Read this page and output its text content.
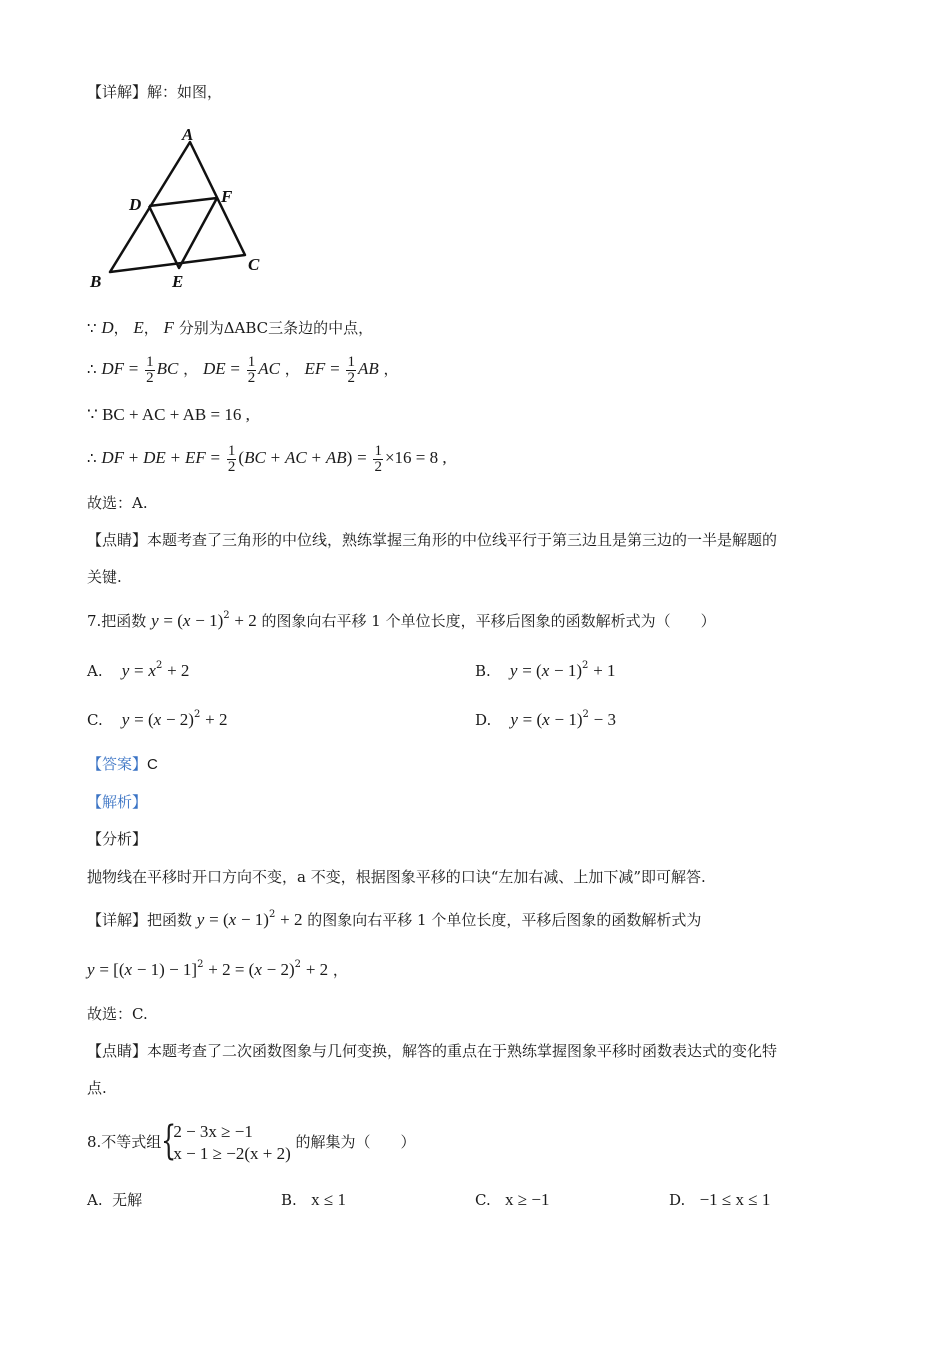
【详解】解：如图，
A
D	F
B	E
C
∵ D， E， F 分别为ΔABC三条边的中点，
∴ DF = $\frac{1}{2}$ BC ， DE = $\frac{1}{2}$ AC ， EF = $\frac{1}{2}$ AB ，
∵ BC + AC + AB = 16 ,
∴ DF + DE + EF = $\frac{1}{2} (BC$ + AC + $AB) = \frac{1}{2} \times 16 = 8$ ,
故选：A.
【点睛】本题考查了三角形的中位线，熟练掌握三角形的中位线平行于第三边且是第三边的一半是解题的
关键.
7.把函数 $y = (x - 1)^2 + 2$ 的图象向右平移 1 个单位长度，平移后图象的函数解析式为（　　）
A. $y = x^2 + 2$	B. $y = (x - 1)^2 + 1$
C. $y = (x - 2)^2 + 2$	D. $y = (x - 1)^2 - 3$
【答案】C
【解析】
【分析】
抛物线在平移时开口方向不变，a 不变，根据图象平移的口诀“左加右减、上加下减”即可解答.
【详解】把函数 $y = (x - 1)^2 + 2$ 的图象向右平移 1 个单位长度，平移后图象的函数解析式为
$y = [(x - 1) - 1]^2 + 2 = (x - 2)^2 + 2$ ，
故选：C.
【点睛】本题考查了二次函数图象与几何变换，解答的重点在于熟练掌握图象平移时函数表达式的变化特
点.
8.不等式组 {
2 − 3x ≥ −1
x − 1 ≥ −2(x + 2)
的解集为（　　）
A. 无解	B. x ≤ 1	C. x ≥ −1	D. −1 ≤ x ≤ 1
